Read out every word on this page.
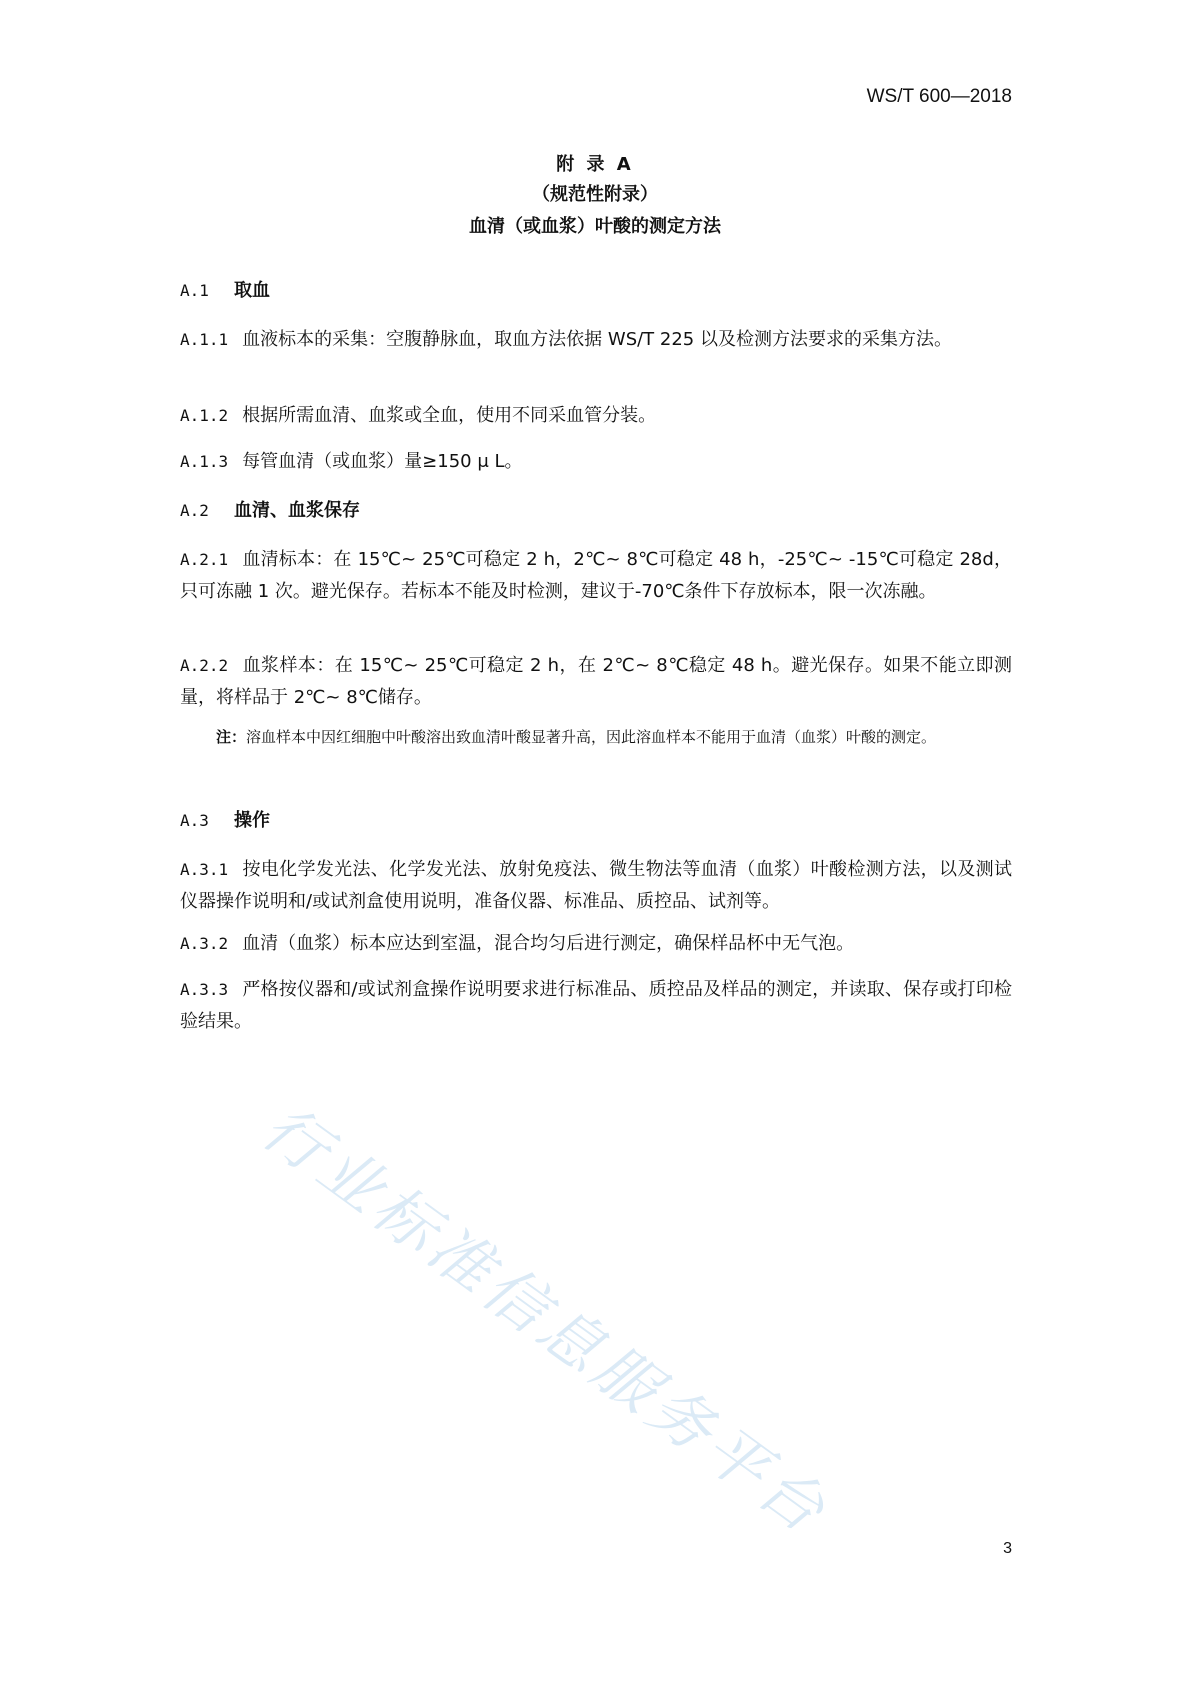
WS/T 600—2018
附 录 A
（规范性附录）
血清（或血浆）叶酸的测定方法
A.1 取血
A.1.1 血液标本的采集：空腹静脉血，取血方法依据 WS/T 225 以及检测方法要求的采集方法。
A.1.2 根据所需血清、血浆或全血，使用不同采血管分装。
A.1.3 每管血清（或血浆）量≥150 μ L。
A.2 血清、血浆保存
A.2.1 血清标本：在 15℃~ 25℃可稳定 2 h，2℃~ 8℃可稳定 48 h，-25℃~ -15℃可稳定 28d，只可冻融 1 次。避光保存。若标本不能及时检测，建议于-70℃条件下存放标本，限一次冻融。
A.2.2 血浆样本：在 15℃~ 25℃可稳定 2 h，在 2℃~ 8℃稳定 48 h。避光保存。如果不能立即测量，将样品于 2℃~ 8℃储存。
注：溶血样本中因红细胞中叶酸溶出致血清叶酸显著升高，因此溶血样本不能用于血清（血浆）叶酸的测定。
A.3 操作
A.3.1 按电化学发光法、化学发光法、放射免疫法、微生物法等血清（血浆）叶酸检测方法，以及测试仪器操作说明和/或试剂盒使用说明，准备仪器、标准品、质控品、试剂等。
A.3.2 血清（血浆）标本应达到室温，混合均匀后进行测定，确保样品杯中无气泡。
A.3.3 严格按仪器和/或试剂盒操作说明要求进行标准品、质控品及样品的测定，并读取、保存或打印检验结果。
行业标准信息服务平台	3
